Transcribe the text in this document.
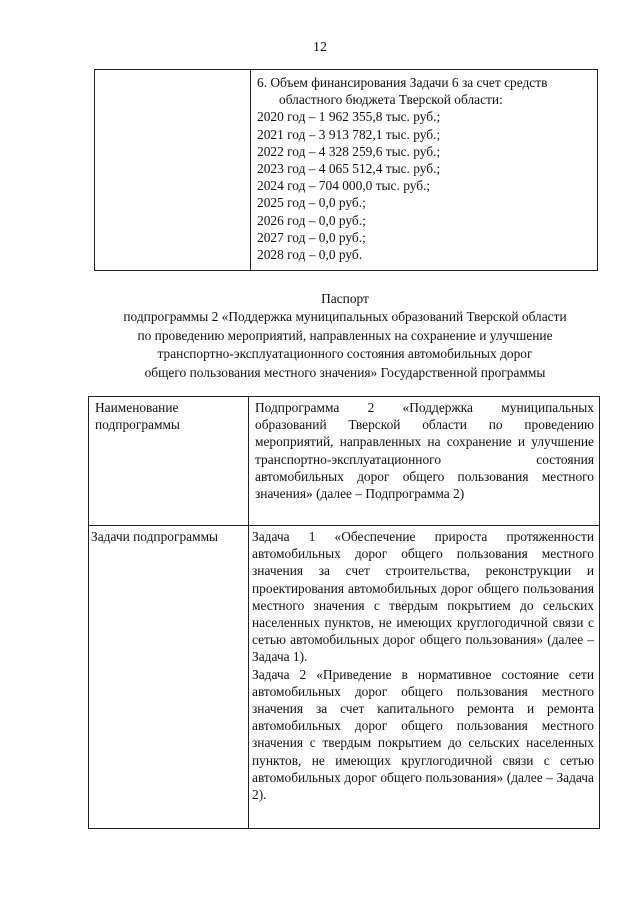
12

6. Объем финансирования Задачи 6 за счет средств
областного бюджета Тверской области:
2020 год – 1 962 355,8 тыс. руб.;
2021 год – 3 913 782,1 тыс. руб.;
2022 год – 4 328 259,6 тыс. руб.;
2023 год – 4 065 512,4 тыс. руб.;
2024 год – 704 000,0 тыс. руб.;
2025 год – 0,0 руб.;
2026 год – 0,0 руб.;
2027 год – 0,0 руб.;
2028 год – 0,0 руб.
Паспорт
подпрограммы 2 «Поддержка муниципальных образований Тверской области
по проведению мероприятий, направленных на сохранение и улучшение
транспортно-эксплуатационного состояния автомобильных дорог
общего пользования местного значения» Государственной программы
Наименование подпрограммы	Подпрограмма 2 «Поддержка муниципальных образований Тверской области по проведению мероприятий, направленных на сохранение и улучшение транспортно-эксплуатационного состояния автомобильных дорог общего пользования местного значения» (далее – Подпрограмма 2)
Задачи подпрограммы	Задача 1 «Обеспечение прироста протяженности автомобильных дорог общего пользования местного значения за счет строительства, реконструкции и проектирования автомобильных дорог общего пользования местного значения с твердым покрытием до сельских населенных пунктов, не имеющих круглогодичной связи с сетью автомобильных дорог общего пользования» (далее – Задача 1).
Задача 2 «Приведение в нормативное состояние сети автомобильных дорог общего пользования местного значения за счет капитального ремонта и ремонта автомобильных дорог общего пользования местного значения с твердым покрытием до сельских населенных пунктов, не имеющих круглогодичной связи с сетью автомобильных дорог общего пользования» (далее – Задача 2).
